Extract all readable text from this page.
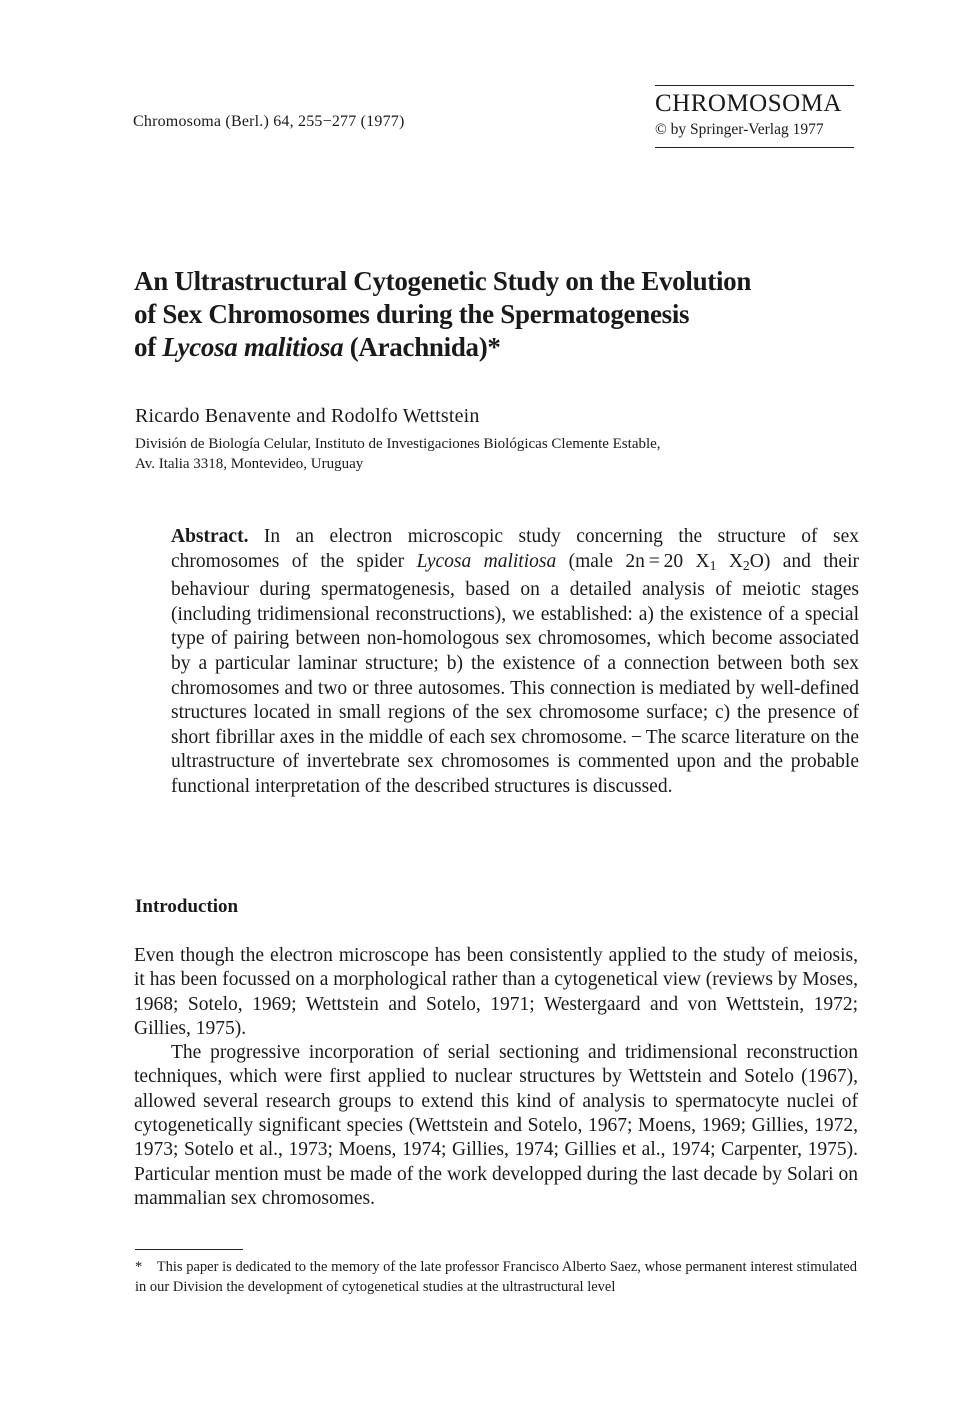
Chromosoma (Berl.) 64, 255−277 (1977)
CHROMOSOMA
© by Springer-Verlag 1977
An Ultrastructural Cytogenetic Study on the Evolution
of Sex Chromosomes during the Spermatogenesis
of Lycosa malitiosa (Arachnida)*
Ricardo Benavente and Rodolfo Wettstein
División de Biología Celular, Instituto de Investigaciones Biológicas Clemente Estable,
Av. Italia 3318, Montevideo, Uruguay
Abstract. In an electron microscopic study concerning the structure of sex chromosomes of the spider Lycosa malitiosa (male 2n = 20 $X_1$ $X_2O$) and their behaviour during spermatogenesis, based on a detailed analysis of meiotic stages (including tridimensional reconstructions), we established: a) the existence of a special type of pairing between non-homologous sex chromosomes, which become associated by a particular laminar structure; b) the existence of a connection between both sex chromosomes and two or three autosomes. This connection is mediated by well-defined structures located in small regions of the sex chromosome surface; c) the presence of short fibrillar axes in the middle of each sex chromosome. − The scarce literature on the ultrastructure of invertebrate sex chromosomes is commented upon and the probable functional interpretation of the described structures is discussed.
Introduction

Even though the electron microscope has been consistently applied to the study of meiosis, it has been focussed on a morphological rather than a cytogenetical view (reviews by Moses, 1968; Sotelo, 1969; Wettstein and Sotelo, 1971; Westergaard and von Wettstein, 1972; Gillies, 1975).

The progressive incorporation of serial sectioning and tridimensional reconstruction techniques, which were first applied to nuclear structures by Wettstein and Sotelo (1967), allowed several research groups to extend this kind of analysis to spermatocyte nuclei of cytogenetically significant species (Wettstein and Sotelo, 1967; Moens, 1969; Gillies, 1972, 1973; Sotelo et al., 1973; Moens, 1974; Gillies, 1974; Gillies et al., 1974; Carpenter, 1975). Particular mention must be made of the work developped during the last decade by Solari on mammalian sex chromosomes.

* This paper is dedicated to the memory of the late professor Francisco Alberto Saez, whose permanent interest stimulated in our Division the development of cytogenetical studies at the ultrastructural level
